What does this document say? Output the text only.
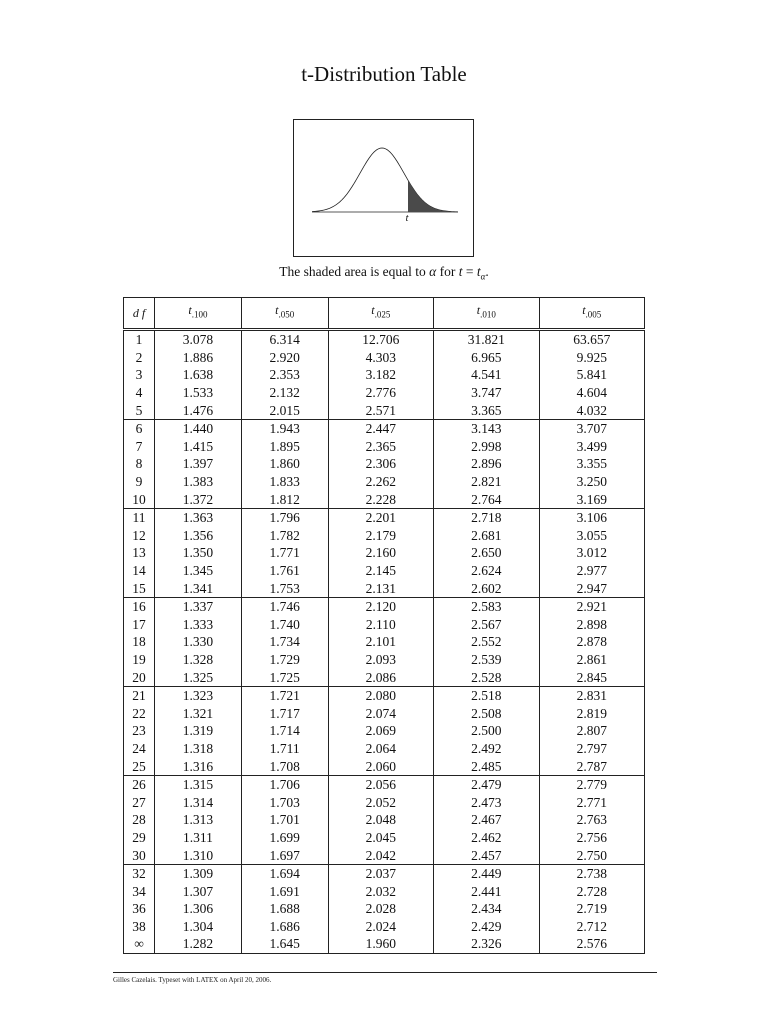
t-Distribution Table
t
The shaded area is equal to α for $t = t_\alpha$.
d f	$t_{.100}$	$t_{.050}$	$t_{.025}$	$t_{.010}$	$t_{.005}$
1	3.078	6.314	12.706	31.821	63.657
2	1.886	2.920	4.303	6.965	9.925
3	1.638	2.353	3.182	4.541	5.841
4	1.533	2.132	2.776	3.747	4.604
5	1.476	2.015	2.571	3.365	4.032
6	1.440	1.943	2.447	3.143	3.707
7	1.415	1.895	2.365	2.998	3.499
8	1.397	1.860	2.306	2.896	3.355
9	1.383	1.833	2.262	2.821	3.250
10	1.372	1.812	2.228	2.764	3.169
11	1.363	1.796	2.201	2.718	3.106
12	1.356	1.782	2.179	2.681	3.055
13	1.350	1.771	2.160	2.650	3.012
14	1.345	1.761	2.145	2.624	2.977
15	1.341	1.753	2.131	2.602	2.947
16	1.337	1.746	2.120	2.583	2.921
17	1.333	1.740	2.110	2.567	2.898
18	1.330	1.734	2.101	2.552	2.878
19	1.328	1.729	2.093	2.539	2.861
20	1.325	1.725	2.086	2.528	2.845
21	1.323	1.721	2.080	2.518	2.831
22	1.321	1.717	2.074	2.508	2.819
23	1.319	1.714	2.069	2.500	2.807
24	1.318	1.711	2.064	2.492	2.797
25	1.316	1.708	2.060	2.485	2.787
26	1.315	1.706	2.056	2.479	2.779
27	1.314	1.703	2.052	2.473	2.771
28	1.313	1.701	2.048	2.467	2.763
29	1.311	1.699	2.045	2.462	2.756
30	1.310	1.697	2.042	2.457	2.750
32	1.309	1.694	2.037	2.449	2.738
34	1.307	1.691	2.032	2.441	2.728
36	1.306	1.688	2.028	2.434	2.719
38	1.304	1.686	2.024	2.429	2.712
∞	1.282	1.645	1.960	2.326	2.576
Gilles Cazelais. Typeset with LATEX on April 20, 2006.
